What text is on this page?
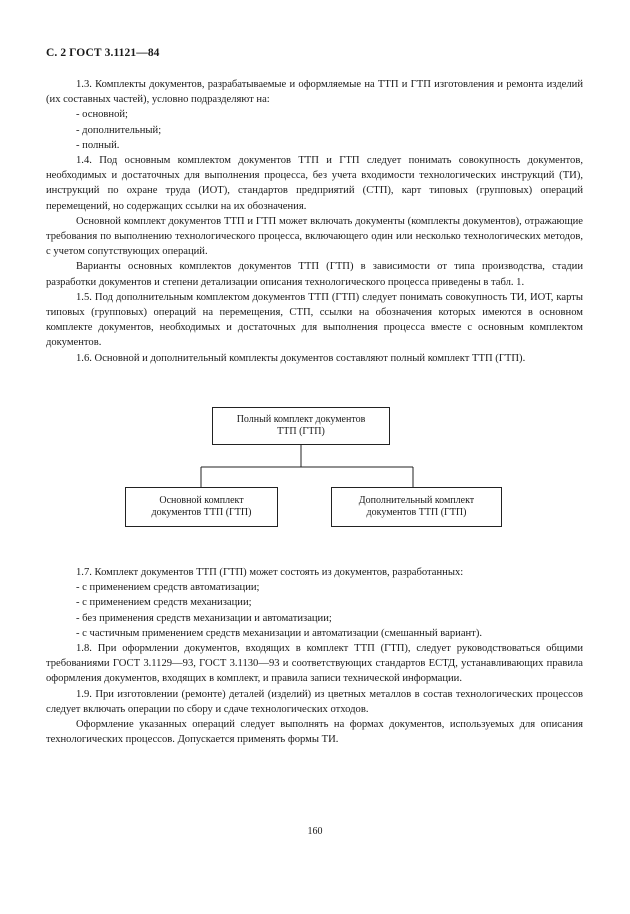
С. 2 ГОСТ 3.1121—84

1.3. Комплекты документов, разрабатываемые и оформляемые на ТТП и ГТП изготовления и ремонта изделий (их составных частей), условно подразделяют на:

- основной;

- дополнительный;

- полный.

1.4. Под основным комплектом документов ТТП и ГТП следует понимать совокупность документов, необходимых и достаточных для выполнения процесса, без учета входимости технологических инструкций (ТИ), инструкций по охране труда (ИОТ), стандартов предприятий (СТП), карт типовых (групповых) операций перемещений, но содержащих ссылки на их обозначения.

Основной комплект документов ТТП и ГТП может включать документы (комплекты документов), отражающие требования по выполнению технологического процесса, включающего один или несколько технологических методов, с учетом сопутствующих операций.

Варианты основных комплектов документов ТТП (ГТП) в зависимости от типа производства, стадии разработки документов и степени детализации описания технологического процесса приведены в табл. 1.

1.5. Под дополнительным комплектом документов ТТП (ГТП) следует понимать совокупность ТИ, ИОТ, карты типовых (групповых) операций на перемещения, СТП, ссылки на обозначения которых имеются в основном комплекте документов, необходимых и достаточных для выполнения процесса вместе с основным комплектом документов.

1.6. Основной и дополнительный комплекты документов составляют полный комплект ТТП (ГТП).

Полный комплект документов
ТТП (ГТП)
Основной комплект
документов ТТП (ГТП)
Дополнительный комплект
документов ТТП (ГТП)

1.7. Комплект документов ТТП (ГТП) может состоять из документов, разработанных:

- с применением средств автоматизации;

- с применением средств механизации;

- без применения средств механизации и автоматизации;

- с частичным применением средств механизации и автоматизации (смешанный вариант).

1.8. При оформлении документов, входящих в комплект ТТП (ГТП), следует руководствоваться общими требованиями ГОСТ 3.1129—93, ГОСТ 3.1130—93 и соответствующих стандартов ЕСТД, устанавливающих правила оформления документов, входящих в комплект, и правила записи технической информации.

1.9. При изготовлении (ремонте) деталей (изделий) из цветных металлов в состав технологических процессов следует включать операции по сбору и сдаче технологических отходов.

Оформление указанных операций следует выполнять на формах документов, используемых для описания технологических процессов. Допускается применять формы ТИ.

160
